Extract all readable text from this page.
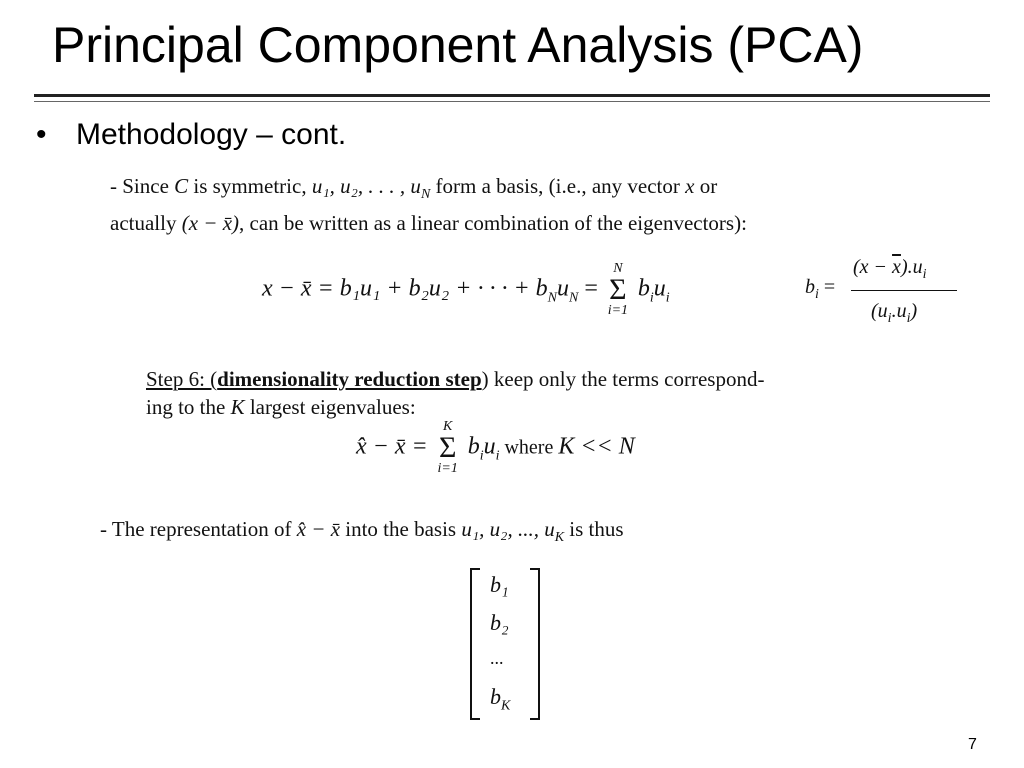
Principal Component Analysis (PCA)
• Methodology – cont.
- Since C is symmetric, u₁, u₂, . . . , $u_N$ form a basis, (i.e., any vector x or
actually (x − x̄), can be written as a linear combination of the eigenvectors):
x − x̄ = b₁u₁ + b₂u₂ + · · · + $b_Nu_N$ =
N
Σ
i=1
$b_iu_i$	$b_i$ =
$(x - \overline{x}).u_i$
$(u_i.u_i)$
Step 6: (dimensionality reduction step) keep only the terms correspond-
ing to the K largest eigenvalues:
x̂ − x̄ =
K
Σ
i=1
$b_iu_i$ where K << N
- The representation of x̂ − x̄ into the basis u₁, u₂, ..., $u_K$ is thus
b₁
b₂
...
$b_K$
7
